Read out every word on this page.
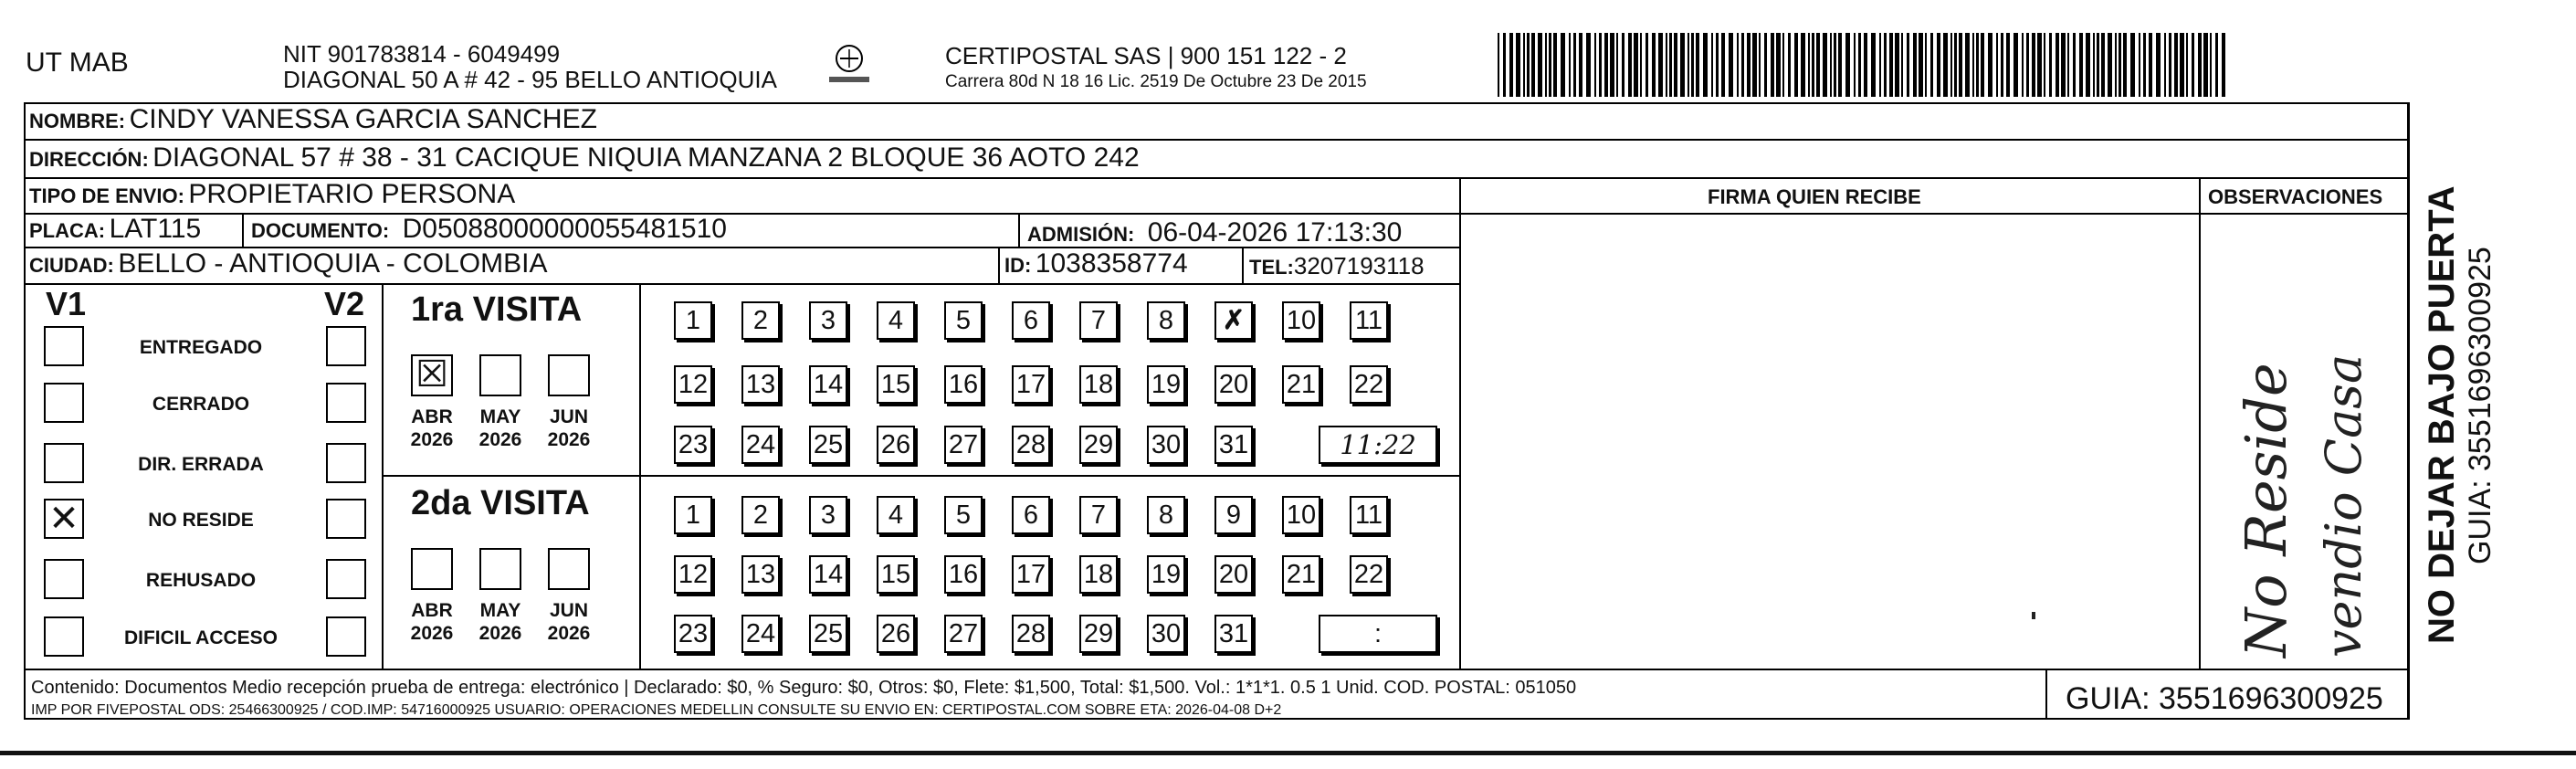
UT MAB	NIT 901783814 - 6049499
DIAGONAL 50 A # 42 - 95 BELLO ANTIOQUIA
CERTIPOSTAL SAS | 900 151 122 - 2
Carrera 80d N 18 16 Lic. 2519 De Octubre 23 De 2015
NOMBRE: CINDY VANESSA GARCIA SANCHEZ
DIRECCIÓN: DIAGONAL 57 # 38 - 31 CACIQUE NIQUIA MANZANA 2 BLOQUE 36 AOTO 242
TIPO DE ENVIO: PROPIETARIO PERSONA	FIRMA QUIEN RECIBE	OBSERVACIONES
PLACA: LAT115 DOCUMENTO: D05088000000055481510	ADMISIÓN: 06-04-2026 17:13:30
CIUDAD: BELLO - ANTIOQUIA - COLOMBIA	ID: 1038358774	TEL:3207193118
V1	V2
ENTREGADO
CERRADO
DIR. ERRADA
✕	NO RESIDE
REHUSADO
DIFICIL ACCESO
1ra VISITA
2da VISITA
☒
ABR
2026
MAY
2026
JUN
2026
ABR
2026
MAY
2026
JUN
2026
1	2	3	4	5	6	7	8	✗	10 11
12 13 14 15 16 17 18 19 20 21 22
23 24 25 26 27 28 29 30 31	11:22
1	2	3	4	5	6	7	8	9	10 11
12 13 14 15 16 17 18 19 20 21 22
23 24 25 26 27 28 29 30 31	:	No Reside vendio Casa NO DEJAR BAJO PUERTA GUIA: 3551696300925
Contenido: Documentos Medio recepción prueba de entrega: electrónico | Declarado: $0, % Seguro: $0, Otros: $0, Flete: $1,500, Total: $1,500. Vol.: 1*1*1. 0.5 1 Unid. COD. POSTAL: 051050
IMP POR FIVEPOSTAL ODS: 25466300925 / COD.IMP: 54716000925 USUARIO: OPERACIONES MEDELLIN CONSULTE SU ENVIO EN: CERTIPOSTAL.COM SOBRE ETA: 2026-04-08 D+2	GUIA: 3551696300925
